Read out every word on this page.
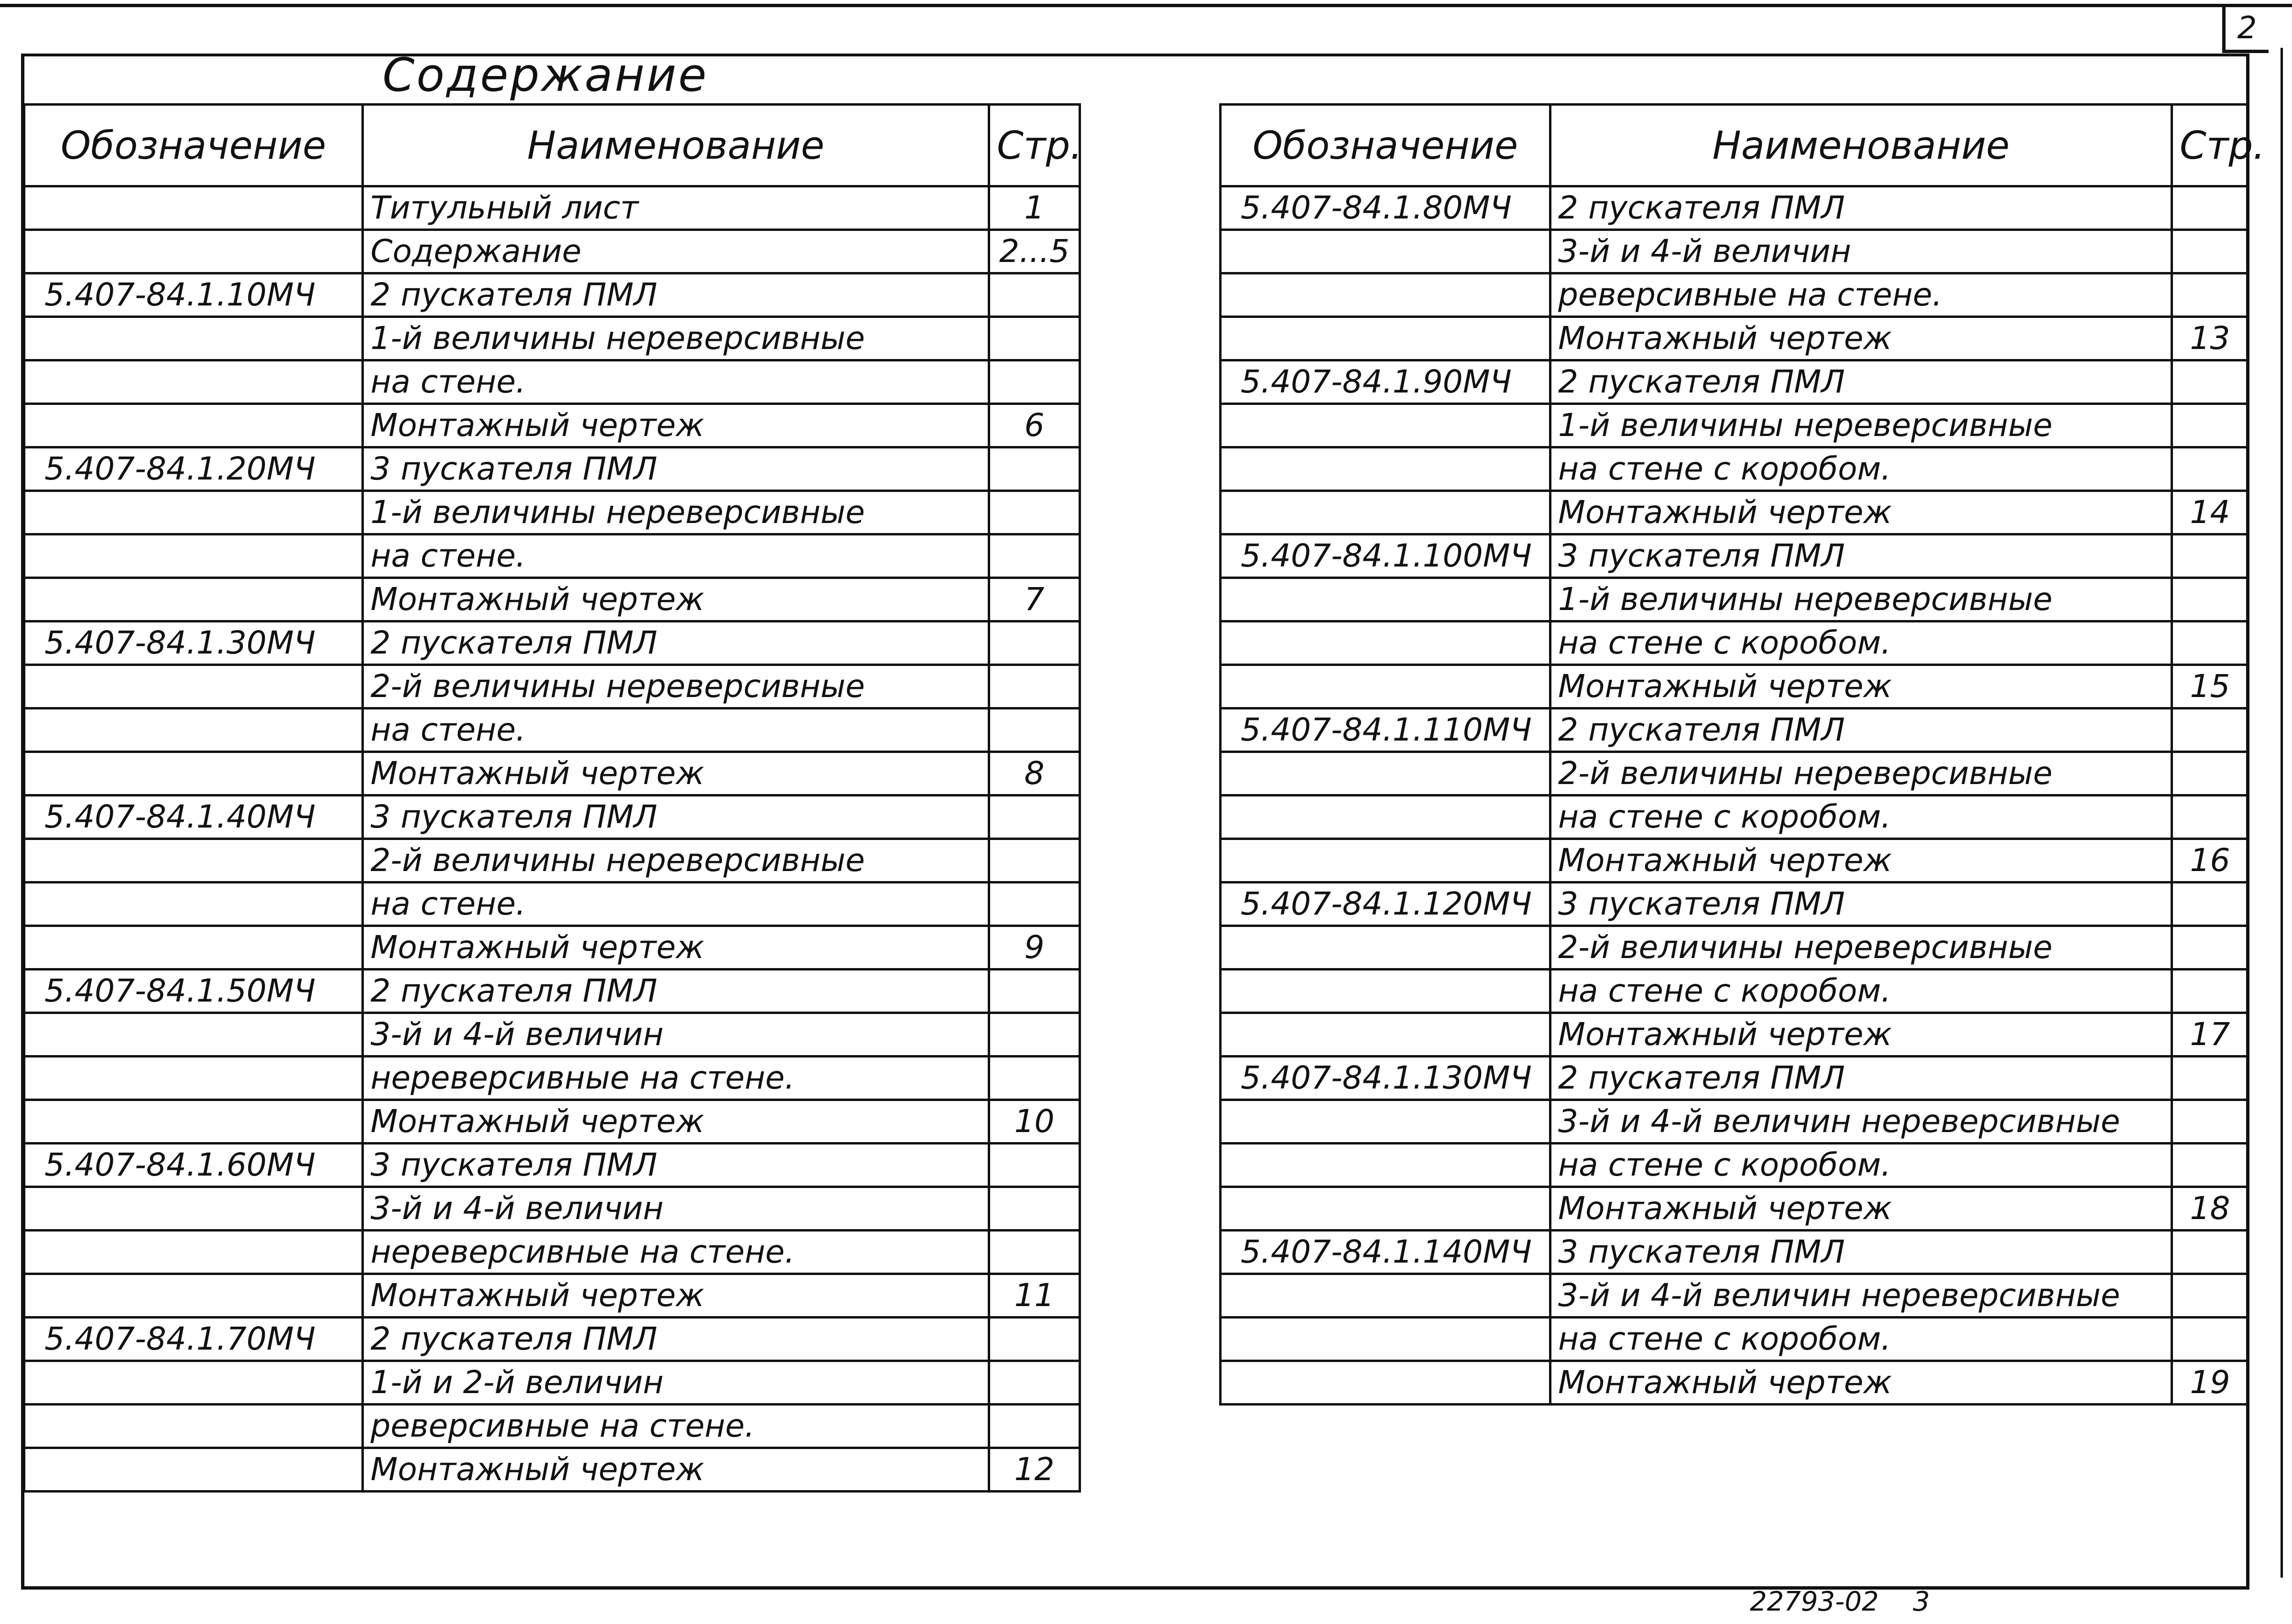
2
Содержание
Обозначение	Наименование	Стр.
	Титульный лист	1
	Содержание	2...5
5.407-84.1.10МЧ	2 пускателя ПМЛ	
	1-й величины нереверсивные	
	на стене.	
	Монтажный чертеж	6
5.407-84.1.20МЧ	3 пускателя ПМЛ	
	1-й величины нереверсивные	
	на стене.	
	Монтажный чертеж	7
5.407-84.1.30МЧ	2 пускателя ПМЛ	
	2-й величины нереверсивные	
	на стене.	
	Монтажный чертеж	8
5.407-84.1.40МЧ	3 пускателя ПМЛ	
	2-й величины нереверсивные	
	на стене.	
	Монтажный чертеж	9
5.407-84.1.50МЧ	2 пускателя ПМЛ	
	3-й и 4-й величин	
	нереверсивные на стене.	
	Монтажный чертеж	10
5.407-84.1.60МЧ	3 пускателя ПМЛ	
	3-й и 4-й величин	
	нереверсивные на стене.	
	Монтажный чертеж	11
5.407-84.1.70МЧ	2 пускателя ПМЛ	
	1-й и 2-й величин	
	реверсивные на стене.	
	Монтажный чертеж	12
Обозначение	Наименование	Стр.
5.407-84.1.80МЧ	2 пускателя ПМЛ	
	3-й и 4-й величин	
	реверсивные на стене.	
	Монтажный чертеж	13
5.407-84.1.90МЧ	2 пускателя ПМЛ	
	1-й величины нереверсивные	
	на стене с коробом.	
	Монтажный чертеж	14
5.407-84.1.100МЧ	3 пускателя ПМЛ	
	1-й величины нереверсивные	
	на стене с коробом.	
	Монтажный чертеж	15
5.407-84.1.110МЧ	2 пускателя ПМЛ	
	2-й величины нереверсивные	
	на стене с коробом.	
	Монтажный чертеж	16
5.407-84.1.120МЧ	3 пускателя ПМЛ	
	2-й величины нереверсивные	
	на стене с коробом.	
	Монтажный чертеж	17
5.407-84.1.130МЧ	2 пускателя ПМЛ	
	3-й и 4-й величин нереверсивные	
	на стене с коробом.	
	Монтажный чертеж	18
5.407-84.1.140МЧ	3 пускателя ПМЛ	
	3-й и 4-й величин нереверсивные	
	на стене с коробом.	
	Монтажный чертеж	19
22793-02 3
